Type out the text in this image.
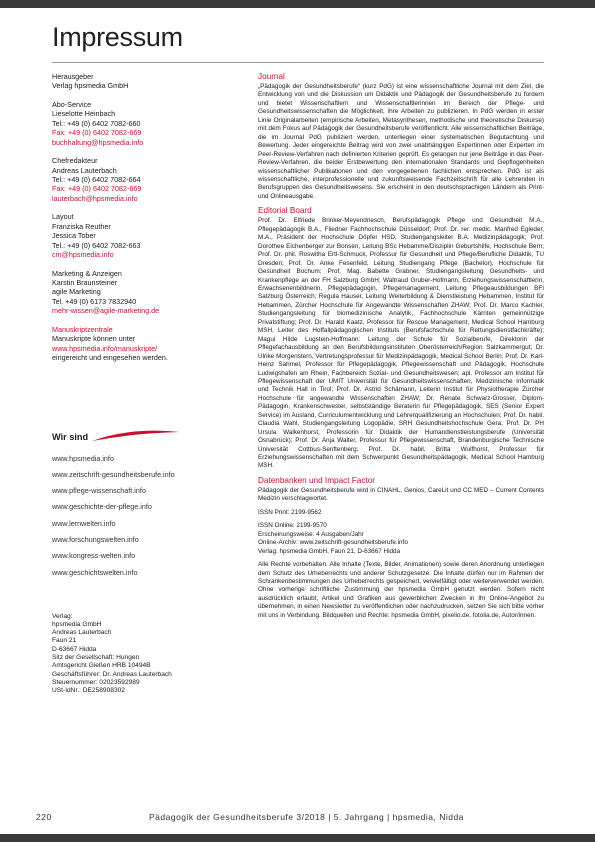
Impressum
Herausgeber
Verlag hpsmedia GmbH
Abo-Service
Lieselotte Heinbach
Tel.: +49 (0) 6402 7082-660
Fax: +49 (0) 6402 7082-669
buchhaltung@hpsmedia.info
Chefredakteur
Andreas Lauterbach
Tel.: +49 (0) 6402 7082-664
Fax: +49 (0) 6402 7082-669
lauterbach@hpsmedia.info
Layout
Franziska Reuther
Jessica Tober
Tel.: +49 (0) 6402 7082-663
cm@hpsmedia.info
Marketing & Anzeigen
Karstin Braunsteiner
agile Marketing
Tel. +49 (0) 6173 7832940
mehr-wissen@agile-marketing.de
Manuskriptzentrale
Manuskripte können unter
www.hpsmedia.info/manuskripte/
eingereicht und eingesehen werden.
Wir sind
www.hpsmedia.info
www.zeitschrift-gesundheitsberufe.info
www.pflege-wissenschaft.info
www.geschichte-der-pflege.info
www.lernwelten.info
www.forschungswelten.info
www.kongress-welten.info
www.geschichtswelten.info
Verlag:
hpsmedia GmbH
Andreas Lauterbach
Faun 21
D-63667 Hidda
Sitz der Gesellschaft: Hungen
Amtsgericht Gießen HRB 10494B
Geschäftsführer: Dr. Andreas Lauterbach
Steuernummer: 02023592989
USt-IdNr.: DE258908302
Journal
„Pädagogik der Gesundheitsberufe“ (kurz PdG) ist eine wissenschaftliche Journal mit dem Ziel, die Entwicklung von und die Diskussion um Didaktik und Pädagogik der Gesundheitsberufe zu fordern und bietet Wissenschaftlern und Wissenschaftlerinnen im Bereich der Pflege- und Gesundheitswissenschaften die Möglichkeit, ihre Arbeiten zu publizieren. In PdG werden in erster Linie Originalarbeiten (empirische Arbeiten, Metasynthesen, methodische und theoretische Diskurse) mit dem Fokus auf Pädagogik der Gesundheitsberufe veröffentlicht. Alle wissenschaftlichen Beiträge, die im Journal PdG publiziert werden, unterliegen einer systematischen Begutachtung und Bewertung. Jeder eingereichte Beitrag wird von zwei unabhängigen Expertinnen oder Experten im Peer-Review-Verfahren nach definierten Kriterien geprüft. Es gelangen nur jene Beiträge in das Peer-Review-Verfahren, die beider Erstbewertung den internationalen Standards und Gepflogenheiten wissenschaftlicher Publikationen und den vorgegebenen fachlichen entsprechen. PdG ist als wissenschaftliche, interprofessionelle und zukunftsweisende Fachzeitschrift für alle Lehrenden in Berufsgruppen des Gesundheitswesens. Sie erscheint in den deutschsprachigen Ländern als Print- und Onlineausgabe.
Editorial Board
Prof. Dr. Elfriede Brinker-Meyendriesch, Berufspädagogik Pflege und Gesundheit M.A., Pflegepädagogik B.A., Fliedner Fachhochschule Düsseldorf; Prof. Dr. rer. medic. Manfred Egleder, M.A., Präsident der Hochschule Döpfer HSD, Studiengangsleiter B.A. Medizinpädagogik; Prof. Dorothee Eichenberger zur Bonsen, Leitung BSc Hebamme/Disziplin Geburtshilfe, Hochschule Bern; Prof. Dr. phil. Roswitha Ertl-Schmuck, Professur für Gesundheit und Pflege/Berufliche Didaktik, TU Dresden; Prof. Dr. Anke Fesenfeld, Leitung Studiengang Pflege (Bachelor), Hochschule für Gesundheit Bochum; Prof. Mag. Babette Grabner, Studiengangsleitung Gesundheits- und Krankenpflege an der FH Salzburg GmbH; Waltraud Gruber-Hofmann, Erziehungswissenschaftlerin, Erwachsenenbildnerin, Pflegepädagogin, Pflegemanagement, Leitung Pflegeausbildungen BFI Salzburg Österreich; Regula Hauser, Leitung Weiterbildung & Dienstleistung Hebammen, Institut für Hebammen, Zürcher Hochschule für Angewandte Wissenschaften ZHAW; Prof. Dr. Marco Kachler, Studiengangsleitung für biomedizinische Analytik, Fachhochschule Kärnten gemeinnützige Privatstiftung; Prof. Dr. Harald Kaatz, Professor für Rescue Management, Medical School Hamburg MSH, Leiter des Hoffallpädagogischen Instituts (Berufsfachschule für Rettungsdienstfachkräfte); Magui Hilde Lugstein-Hoffmann: Leitung der Schule für Sozialberufe, Direktorin der Pflegefachausbildung an den Berufsbildungsinstituten Oberösterreich/Region Salzkammergut; Dr. Ulrike Morgenstern, Vertretungsprofessur für Medizinpädagogik, Medical School Berlin; Prof. Dr. Karl-Heinz Sahmel, Professor für Pflegepädagogik, Pflegewissenschaft und Pädagogik, Hochschule Ludwigshafen am Rhein, Fachbereich Sozial- und Gesundheitswesen; apl. Professor am Institut für Pflegewissenschaft der UMIT Universität für Gesundheitswissenschaften, Medizinische Informatik und Technik Hall in Tirol; Prof. Dr. Astrid Schämann, Leiterin Institut für Physiotherapie Zürcher Hochschule für angewandte Wissenschaften ZHAW; Dr. Renate Schwarz-Grosser, Diplom-Pädagogin, Krankenschwester, selbstständige Beraterin für Pflegepädagogik, SES (Senior Expert Service) im Ausland, Curriculumentwicklung und Lehrerqualifizierung an Hochschulen; Prof. Dr. habil. Claudia Wahl, Studiengangsleitung Logopädie, SRH Gesundheitshochschule Gera; Prof. Dr. PH Ursula Walkenhorst, Professorin für Didaktik der Humandienstleistungsberufe (Universität Osnabrück); Prof. Dr. Anja Walter, Professur für Pflegewissenschaft, Brandenburgische Technische Universität Cottbus-Senftenberg; Prof. Dr. habil. Britta Wulfhorst, Professur für Erziehungswissenschaften mit dem Schwerpunkt Gesundheitspädagogik, Medical School Hamburg MSH.
Datenbanken und Impact Factor
Pädagogik der Gesundheitsberufe wird in CINAHL, Genios, CareLit und CC MED – Current Contents Medizin verschlagwortet.
ISSN Print: 2199-9562
ISSN Online: 2199-9570
Erscheinungsweise: 4 Ausgaben/Jahr
Online-Archiv: www.zeitschrift-gesundheitsberufe.info
Verlag: hpsmedia GmbH, Faun 21, D-63667 Hidda
Alle Rechte vorbehalten. Alle Inhalte (Texte, Bilder, Animationen) sowie deren Anordnung unterliegen dem Schutz des Urheberrechts und anderer Schutzgesetze. Die Inhalte dürfen nur im Rahmen der Schrankenbestimmungen des Urheberrechts gespeichert, vervielfältigt oder weiterverwendet werden. Ohne vorherige schriftliche Zustimmung der hpsmedia GmbH genutzt werden. Sofern nicht ausdrücklich erlaubt, Artikel und Grafiken aus gewerblichen Zwecken in Ihr Online-Angebot zu übernehmen, in einen Newsletter zu veröffentlichen oder nachzudrucken, setzen Sie sich bitte vorher mit uns in Verbindung. Bildquellen und Rechte: hpsmedia GmbH, pixelio.de, fotolia.de, Autor/innen.
220	Pädagogik der Gesundheitsberufe 3/2018 | 5. Jahrgang | hpsmedia, Nidda
